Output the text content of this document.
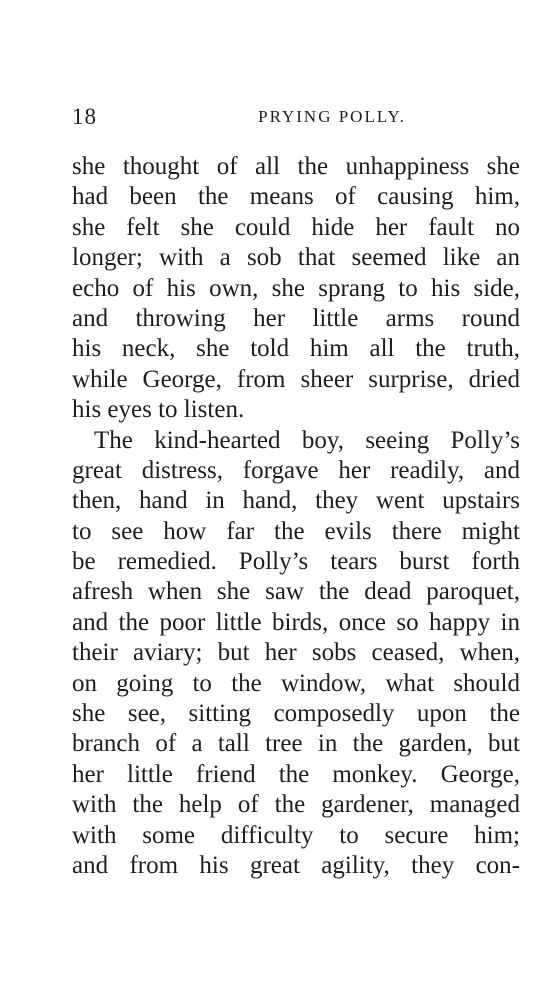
18	PRYING POLLY.
she thought of all the unhappiness she
had been the means of causing him,
she felt she could hide her fault no
longer; with a sob that seemed like an
echo of his own, she sprang to his side,
and throwing her little arms round
his neck, she told him all the truth,
while George, from sheer surprise, dried
his eyes to listen.
The kind-hearted boy, seeing Polly’s
great distress, forgave her readily, and
then, hand in hand, they went upstairs
to see how far the evils there might
be remedied. Polly’s tears burst forth
afresh when she saw the dead paroquet,
and the poor little birds, once so happy in
their aviary; but her sobs ceased, when,
on going to the window, what should
she see, sitting composedly upon the
branch of a tall tree in the garden, but
her little friend the monkey. George,
with the help of the gardener, managed
with some difficulty to secure him;
and from his great agility, they con-
